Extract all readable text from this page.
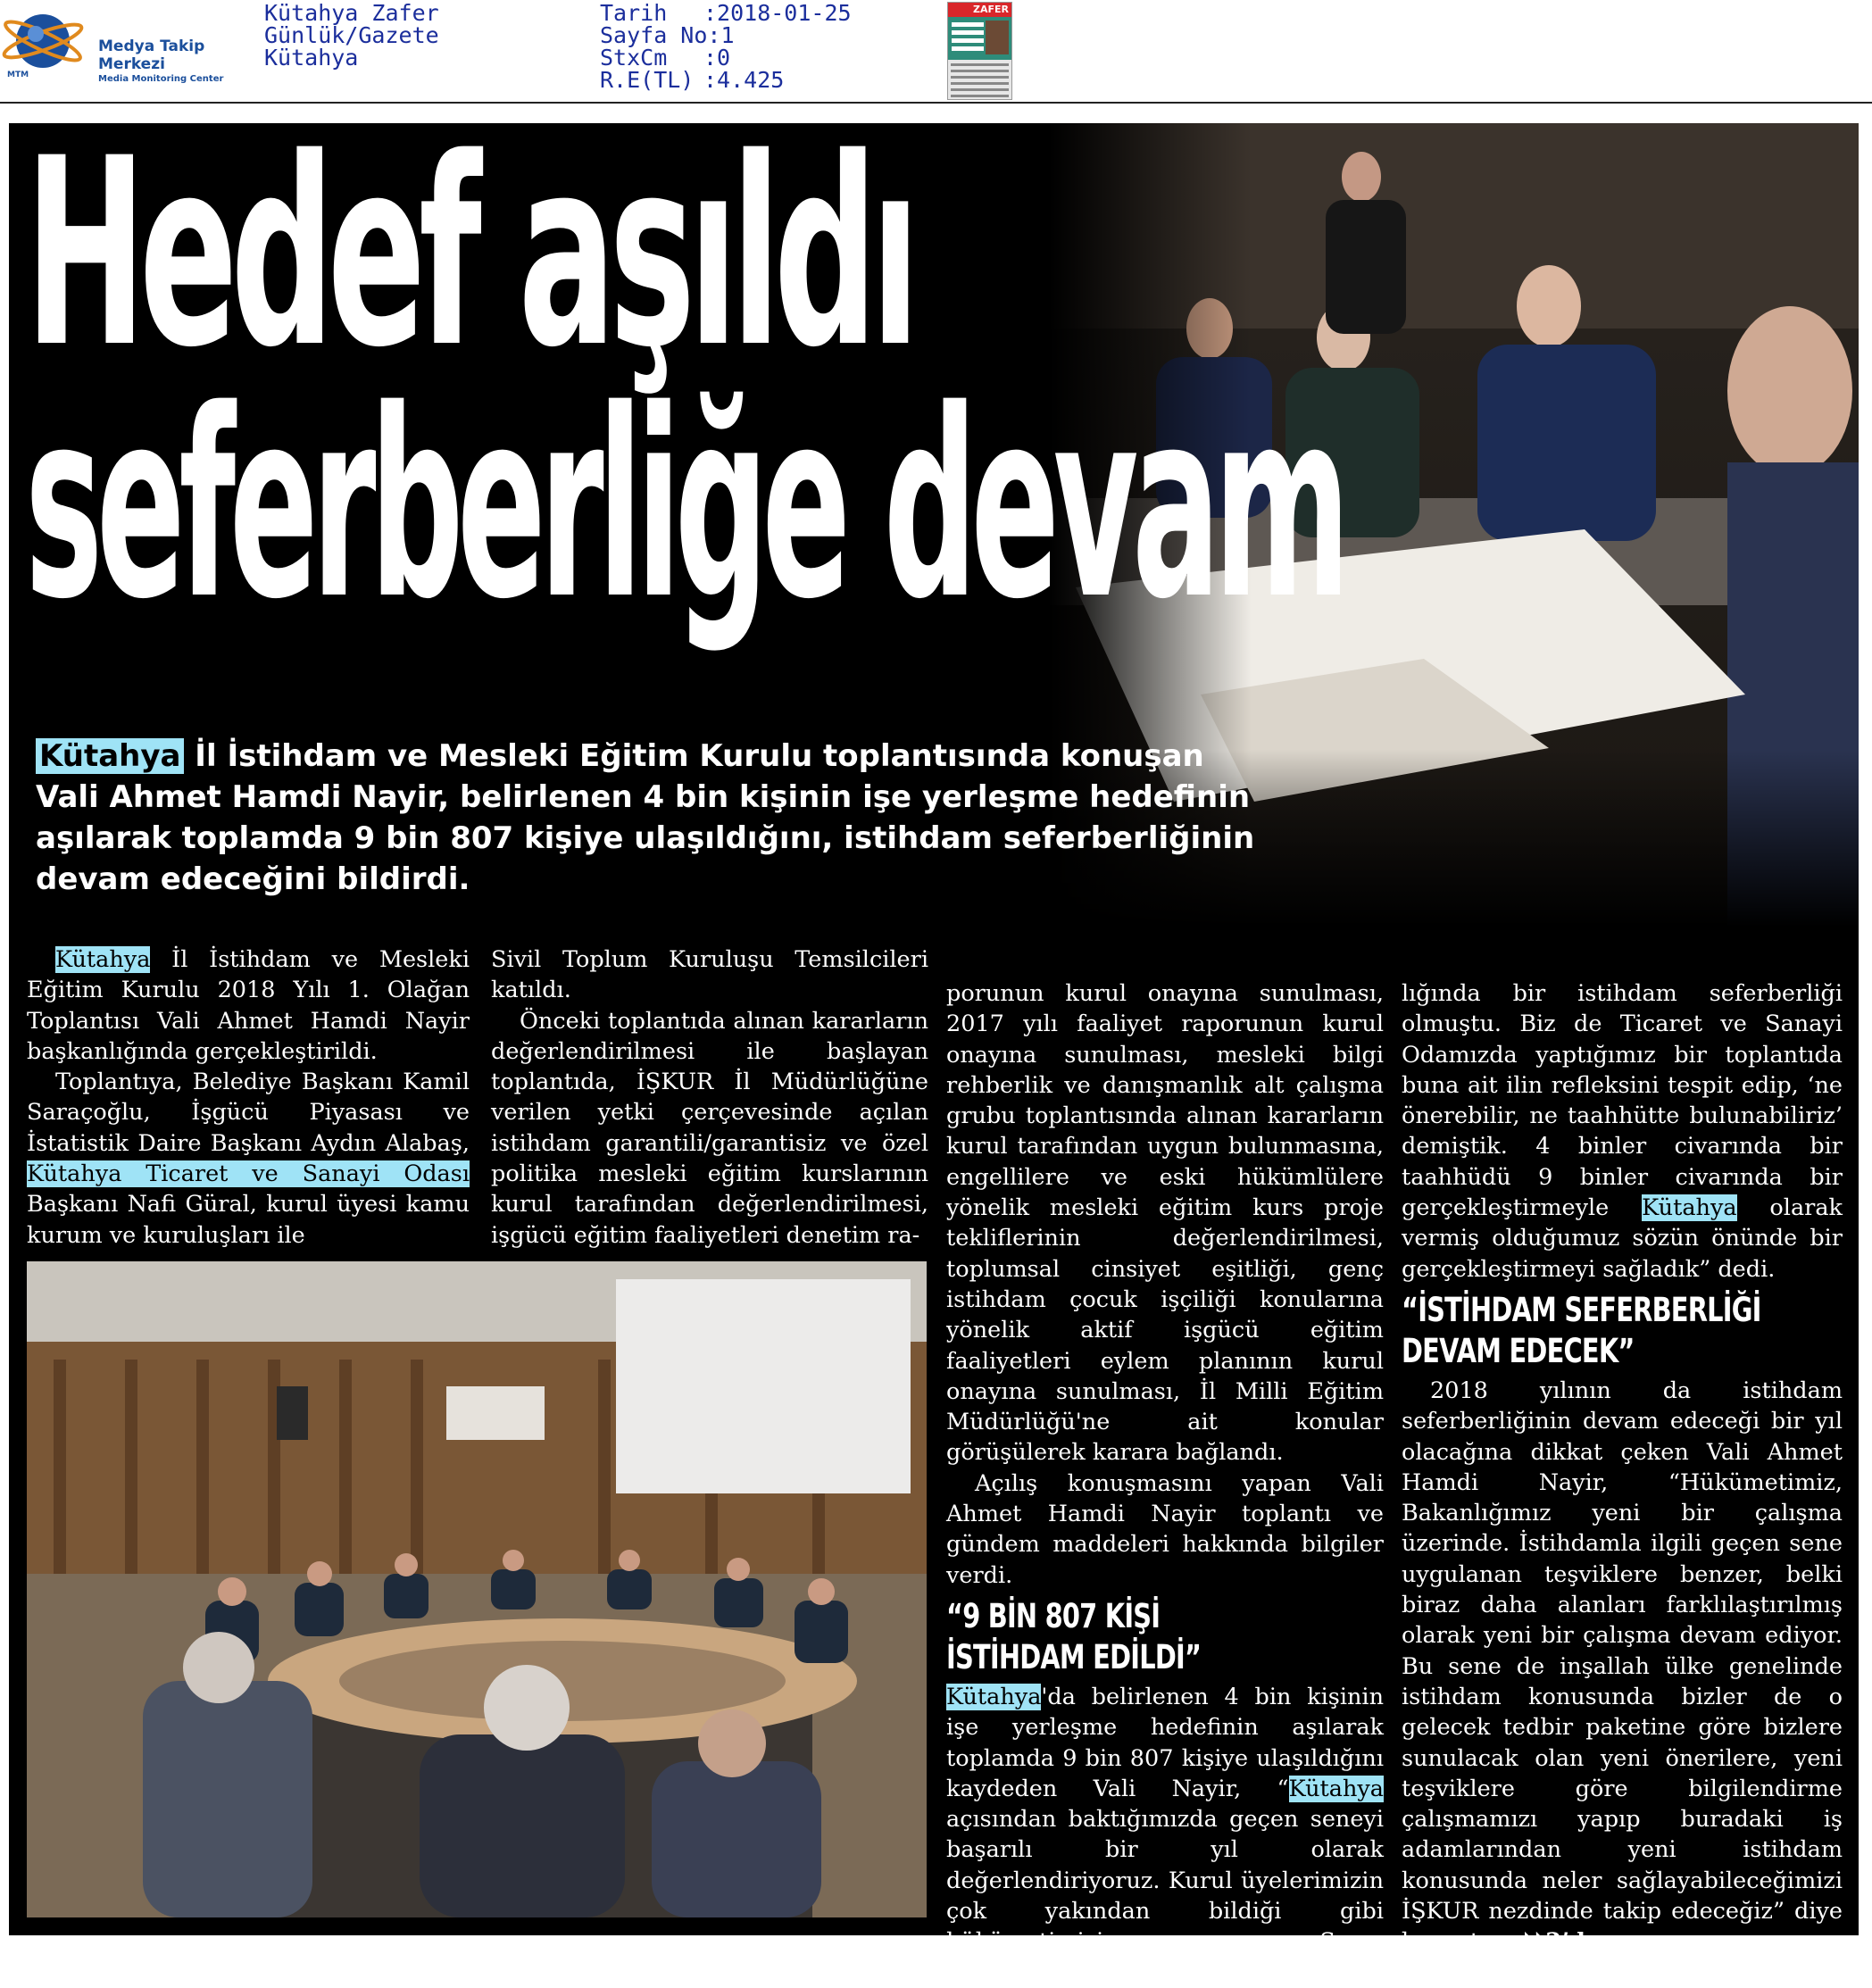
MTM
Medya Takip Merkezi
Media Monitoring Center
Kütahya Zafer
Günlük/Gazete
Kütahya
Tarih :2018-01-25
Sayfa No:1
StxCm :0
R.E(TL) :4.425
ZAFER
Hedef aşıldı
seferberliğe devam
Kütahya İl İstihdam ve Mesleki Eğitim Kurulu toplantısında konuşan Vali Ahmet Hamdi Nayir, belirlenen 4 bin kişinin işe yerleşme hedefinin aşılarak toplamda 9 bin 807 kişiye ulaşıldığını, istihdam seferberliğinin devam edeceğini bildirdi.

Kütahya İl İstihdam ve Mesleki Eğitim Kurulu 2018 Yılı 1. Olağan Toplantısı Vali Ahmet Hamdi Nayir başkanlığında gerçekleştirildi.

Toplantıya, Belediye Başkanı Kamil Saraçoğlu, İşgücü Piyasası ve İstatistik Daire Başkanı Aydın Alabaş, Kütahya Ticaret ve Sanayi Odası Başkanı Nafi Güral, kurul üyesi kamu kurum ve kuruluşları ile

Sivil Toplum Kuruluşu Temsilcileri katıldı.

Önceki toplantıda alınan kararların değerlendirilmesi ile başlayan toplantıda, İŞKUR İl Müdürlüğüne verilen yetki çerçevesinde açılan istihdam garantili/garantisiz ve özel politika mesleki eğitim kurslarının kurul tarafından değerlendirilmesi, işgücü eğitim faaliyetleri denetim ra-

porunun kurul onayına sunulması, 2017 yılı faaliyet raporunun kurul onayına sunulması, mesleki bilgi rehberlik ve danışmanlık alt çalışma grubu toplantısında alınan kararların kurul tarafından uygun bulunmasına, engellilere ve eski hükümlülere yönelik mesleki eğitim kurs proje tekliflerinin değerlendirilmesi, toplumsal cinsiyet eşitliği, genç istihdam çocuk işçiliği konularına yönelik aktif işgücü eğitim faaliyetleri eylem planının kurul onayına sunulması, İl Milli Eğitim Müdürlüğü'ne ait konular görüşülerek karara bağlandı.

Açılış konuşmasını yapan Vali Ahmet Hamdi Nayir toplantı ve gündem maddeleri hakkında bilgiler verdi.

“9 BİN 807 KİŞİ
İSTİHDAM EDİLDİ”

Kütahya'da belirlenen 4 bin kişinin işe yerleşme hedefinin aşılarak toplamda 9 bin 807 kişiye ulaşıldığını kaydeden Vali Nayir, “Kütahya açısından baktığımızda geçen seneyi başarılı bir yıl olarak değerlendiriyoruz. Kurul üyelerimizin çok yakından bildiği gibi hükümetimizin, Sayın Cumhurbaşkanımızın başkan-

lığında bir istihdam seferberliği olmuştu. Biz de Ticaret ve Sanayi Odamızda yaptığımız bir toplantıda buna ait ilin refleksini tespit edip, ‘ne önerebilir, ne taahhütte bulunabiliriz’ demiştik. 4 binler civarında bir taahhüdü 9 binler civarında bir gerçekleştirmeyle Kütahya olarak vermiş olduğumuz sözün önünde bir gerçekleştirmeyi sağladık” dedi.

“İSTİHDAM SEFERBERLİĞİ
DEVAM EDECEK”

2018 yılının da istihdam seferberliğinin devam edeceği bir yıl olacağına dikkat çeken Vali Ahmet Hamdi Nayir, “Hükümetimiz, Bakanlığımız yeni bir çalışma üzerinde. İstihdamla ilgili geçen sene uygulanan teşviklere benzer, belki biraz daha alanları farklılaştırılmış olarak yeni bir çalışma devam ediyor. Bu sene de inşallah ülke genelinde istihdam konusunda bizler de o gelecek tedbir paketine göre bizlere sunulacak olan yeni önerilere, yeni teşviklere göre bilgilendirme çalışmamızı yapıp buradaki iş adamlarından yeni istihdam konusunda neler sağlayabileceğimizi İŞKUR nezdinde takip edeceğiz” diye konuştu... ⏵⏵2’de
